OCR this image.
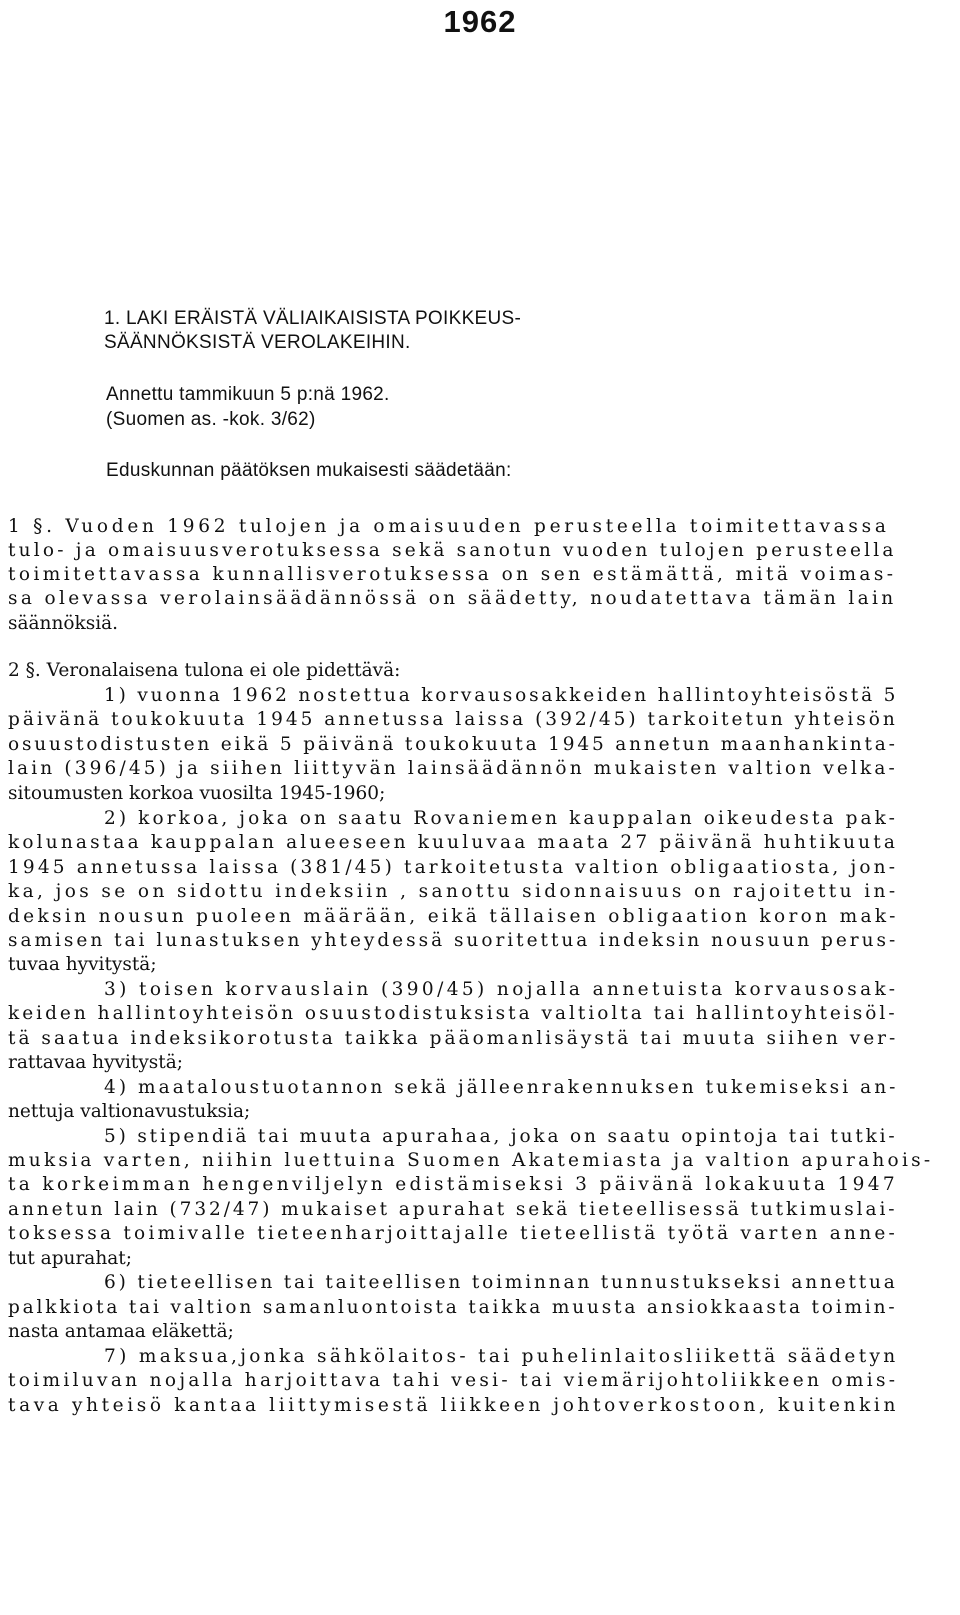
1962
1. LAKI ERÄISTÄ VÄLIAIKAISISTA POIKKEUS-
SÄÄNNÖKSISTÄ VEROLAKEIHIN.
Annettu tammikuun 5 p:nä 1962.
(Suomen as. -kok. 3/62)
Eduskunnan päätöksen mukaisesti säädetään:
1 §. Vuoden 1962 tulojen ja omaisuuden perusteella toimitettavassa
tulo- ja omaisuusverotuksessa sekä sanotun vuoden tulojen perusteella
toimitettavassa kunnallisverotuksessa on sen estämättä, mitä voimas-
sa olevassa verolainsäädännössä on säädetty, noudatettava tämän lain
säännöksiä.
2 §. Veronalaisena tulona ei ole pidettävä:
1) vuonna 1962 nostettua korvausosakkeiden hallintoyhteisöstä 5
päivänä toukokuuta 1945 annetussa laissa (392/45) tarkoitetun yhteisön
osuustodistusten eikä 5 päivänä toukokuuta 1945 annetun maanhankinta-
lain (396/45) ja siihen liittyvän lainsäädännön mukaisten valtion velka-
sitoumusten korkoa vuosilta 1945-1960;
2) korkoa, joka on saatu Rovaniemen kauppalan oikeudesta pak-
kolunastaa kauppalan alueeseen kuuluvaa maata 27 päivänä huhtikuuta
1945 annetussa laissa (381/45) tarkoitetusta valtion obligaatiosta, jon-
ka, jos se on sidottu indeksiin , sanottu sidonnaisuus on rajoitettu in-
deksin nousun puoleen määrään, eikä tällaisen obligaation koron mak-
samisen tai lunastuksen yhteydessä suoritettua indeksin nousuun perus-
tuvaa hyvitystä;
3) toisen korvauslain (390/45) nojalla annetuista korvausosak-
keiden hallintoyhteisön osuustodistuksista valtiolta tai hallintoyhteisöl-
tä saatua indeksikorotusta taikka pääomanlisäystä tai muuta siihen ver-
rattavaa hyvitystä;
4) maataloustuotannon sekä jälleenrakennuksen tukemiseksi an-
nettuja valtionavustuksia;
5) stipendiä tai muuta apurahaa, joka on saatu opintoja tai tutki-
muksia varten, niihin luettuina Suomen Akatemiasta ja valtion apurahois-
ta korkeimman hengenviljelyn edistämiseksi 3 päivänä lokakuuta 1947
annetun lain (732/47) mukaiset apurahat sekä tieteellisessä tutkimuslai-
toksessa toimivalle tieteenharjoittajalle tieteellistä työtä varten anne-
tut apurahat;
6) tieteellisen tai taiteellisen toiminnan tunnustukseksi annettua
palkkiota tai valtion samanluontoista taikka muusta ansiokkaasta toimin-
nasta antamaa eläkettä;
7) maksua,jonka sähkölaitos- tai puhelinlaitosliikettä säädetyn
toimiluvan nojalla harjoittava tahi vesi- tai viemärijohtoliikkeen omis-
tava yhteisö kantaa liittymisestä liikkeen johtoverkostoon, kuitenkin
